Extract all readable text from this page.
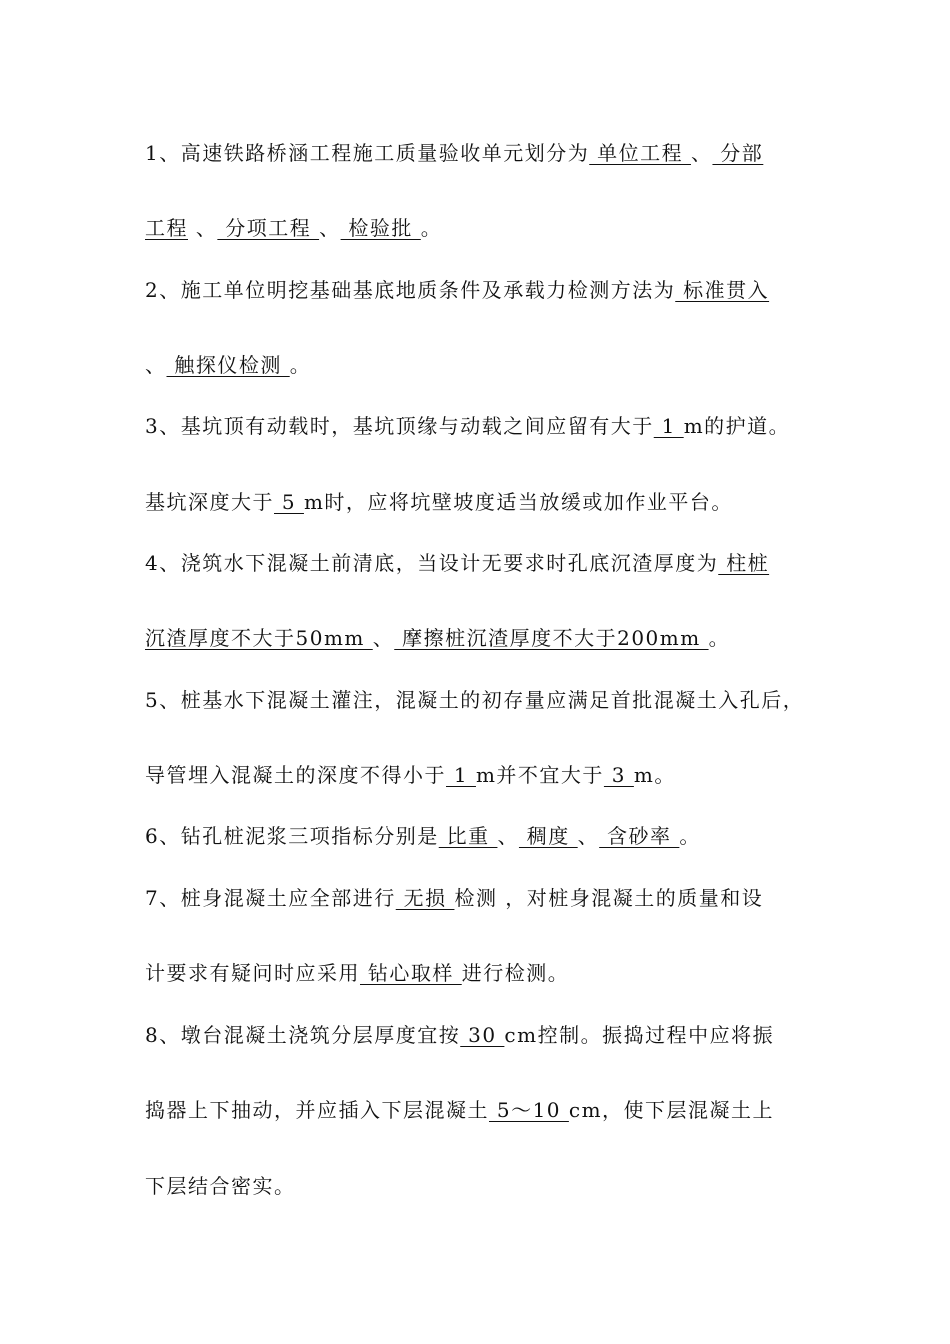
1、高速铁路桥涵工程施工质量验收单元划分为 单位工程 、 分部
工程 、 分项工程 、 检验批 。
2、施工单位明挖基础基底地质条件及承载力检测方法为 标准贯入
、 触探仪检测 。
3、基坑顶有动载时，基坑顶缘与动载之间应留有大于 1 m的护道。
基坑深度大于 5 m时，应将坑壁坡度适当放缓或加作业平台。
4、浇筑水下混凝土前清底，当设计无要求时孔底沉渣厚度为 柱桩
沉渣厚度不大于50mm 、 摩擦桩沉渣厚度不大于200mm 。
5、桩基水下混凝土灌注，混凝土的初存量应满足首批混凝土入孔后，
导管埋入混凝土的深度不得小于 1 m并不宜大于 3 m。
6、钻孔桩泥浆三项指标分别是 比重 、 稠度 、 含砂率 。
7、桩身混凝土应全部进行 无损 检测 ，对桩身混凝土的质量和设
计要求有疑问时应采用 钻心取样 进行检测。
8、墩台混凝土浇筑分层厚度宜按 30 cm控制。振捣过程中应将振
捣器上下抽动，并应插入下层混凝土 5～10 cm，使下层混凝土上
下层结合密实。
